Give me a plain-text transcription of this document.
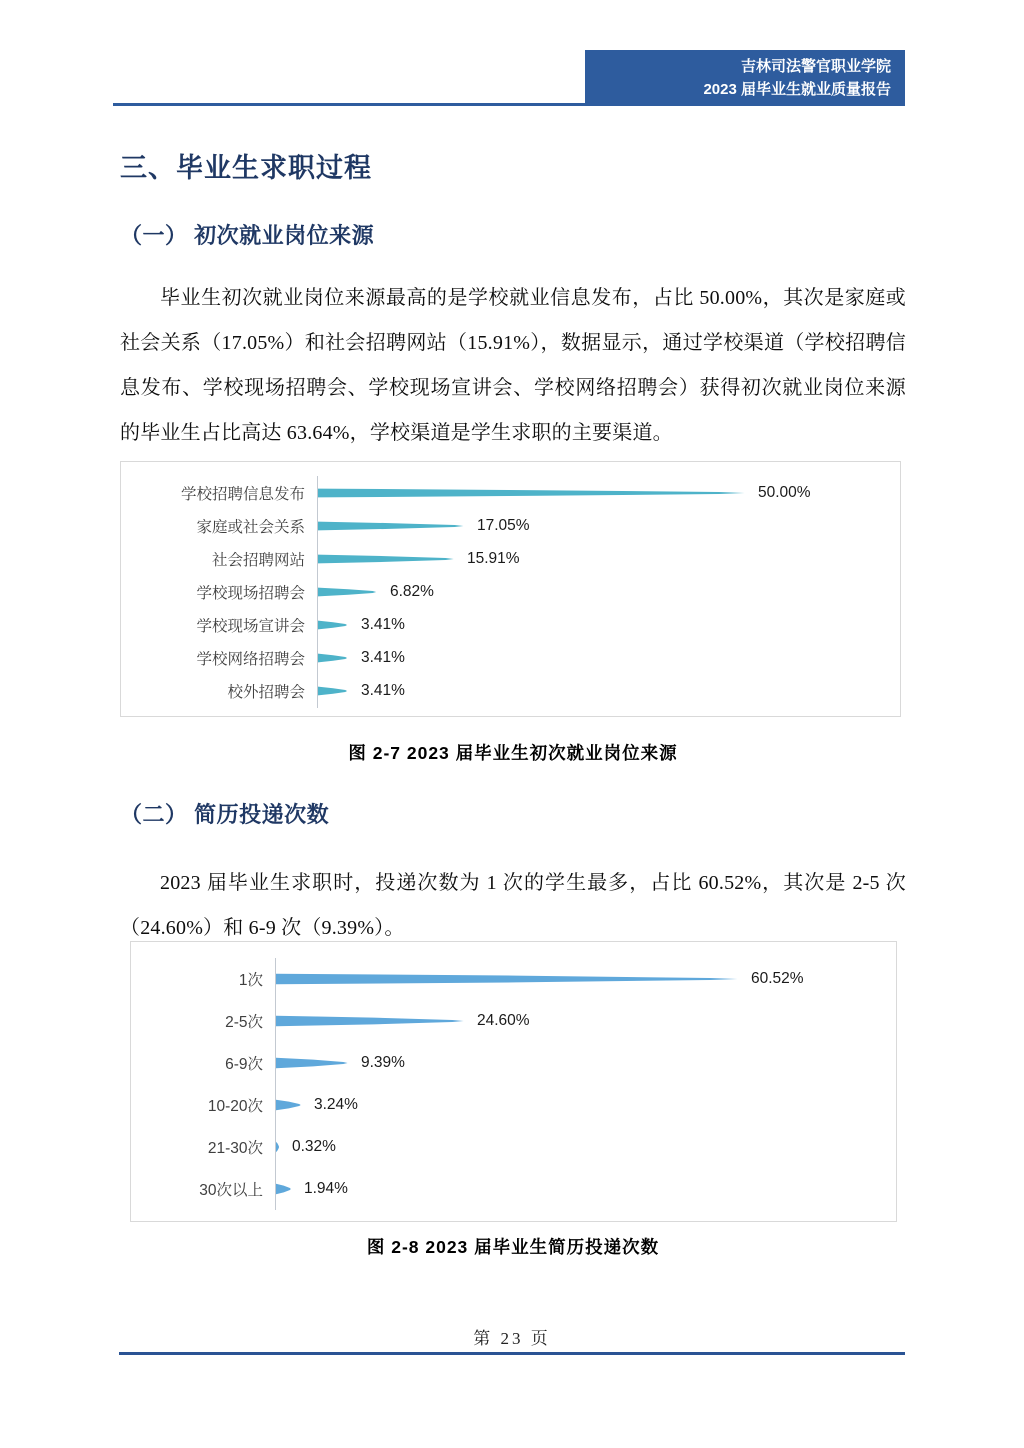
吉林司法警官职业学院
2023 届毕业生就业质量报告
三、毕业生求职过程
（一） 初次就业岗位来源

毕业生初次就业岗位来源最高的是学校就业信息发布，占比 50.00%，其次是家庭或社会关系（17.05%）和社会招聘网站（15.91%），数据显示，通过学校渠道（学校招聘信息发布、学校现场招聘会、学校现场宣讲会、学校网络招聘会）获得初次就业岗位来源的毕业生占比高达 63.64%，学校渠道是学生求职的主要渠道。

学校招聘信息发布
家庭或社会关系
社会招聘网站
学校现场招聘会
学校现场宣讲会
学校网络招聘会
校外招聘会
50.00%
17.05%
15.91%
6.82%
3.41%
3.41%
3.41%

图 2-7 2023 届毕业生初次就业岗位来源

（二） 简历投递次数

2023 届毕业生求职时，投递次数为 1 次的学生最多，占比 60.52%，其次是 2-5 次（24.60%）和 6-9 次（9.39%）。

1次
2-5次
6-9次
10-20次
21-30次
30次以上
60.52%
24.60%
9.39%
3.24%
0.32%
1.94%

图 2-8 2023 届毕业生简历投递次数

第 23 页
